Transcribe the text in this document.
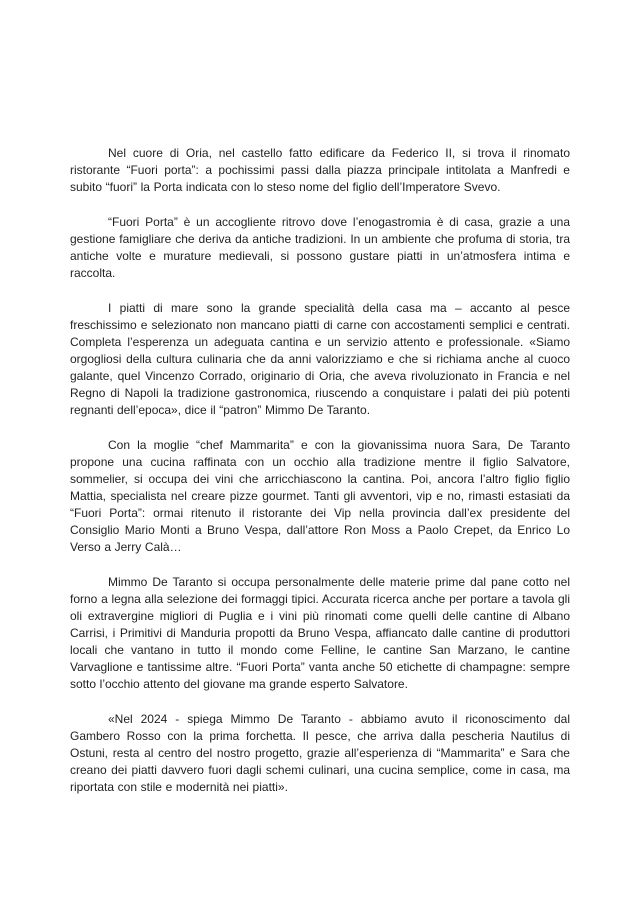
Nel cuore di Oria, nel castello fatto edificare da Federico II, si trova il rinomato ristorante “Fuori porta”: a pochissimi passi dalla piazza principale intitolata a Manfredi e subito “fuori” la Porta indicata con lo steso nome del figlio dell’Imperatore Svevo.

“Fuori Porta” è un accogliente ritrovo dove l’enogastromia è di casa, grazie a una gestione famigliare che deriva da antiche tradizioni. In un ambiente che profuma di storia, tra antiche volte e murature medievali, si possono gustare piatti in un’atmosfera intima e raccolta.

I piatti di mare sono la grande specialità della casa ma – accanto al pesce freschissimo e selezionato non mancano piatti di carne con accostamenti semplici e centrati. Completa l’esperenza un adeguata cantina e un servizio attento e professionale. «Siamo orgogliosi della cultura culinaria che da anni valorizziamo e che si richiama anche al cuoco galante, quel Vincenzo Corrado, originario di Oria, che aveva rivoluzionato in Francia e nel Regno di Napoli la tradizione gastronomica, riuscendo a conquistare i palati dei più potenti regnanti dell’epoca», dice il “patron” Mimmo De Taranto.

Con la moglie “chef Mammarita” e con la giovanissima nuora Sara, De Taranto propone una cucina raffinata con un occhio alla tradizione mentre il figlio Salvatore, sommelier, si occupa dei vini che arricchiascono la cantina. Poi, ancora l’altro figlio figlio Mattia, specialista nel creare pizze gourmet. Tanti gli avventori, vip e no, rimasti estasiati da “Fuori Porta”: ormai ritenuto il ristorante dei Vip nella provincia dall’ex presidente del Consiglio Mario Monti a Bruno Vespa, dall’attore Ron Moss a Paolo Crepet, da Enrico Lo Verso a Jerry Calà…

Mimmo De Taranto si occupa personalmente delle materie prime dal pane cotto nel forno a legna alla selezione dei formaggi tipici. Accurata ricerca anche per portare a tavola gli oli extravergine migliori di Puglia e i vini più rinomati come quelli delle cantine di Albano Carrisi, i Primitivi di Manduria propotti da Bruno Vespa, affiancato dalle cantine di produttori locali che vantano in tutto il mondo come Felline, le cantine San Marzano, le cantine Varvaglione e tantissime altre. “Fuori Porta” vanta anche 50 etichette di champagne: sempre sotto l’occhio attento del giovane ma grande esperto Salvatore.

«Nel 2024 - spiega Mimmo De Taranto - abbiamo avuto il riconoscimento dal Gambero Rosso con la prima forchetta. Il pesce, che arriva dalla pescheria Nautilus di Ostuni, resta al centro del nostro progetto, grazie all’esperienza di “Mammarita” e Sara che creano dei piatti davvero fuori dagli schemi culinari, una cucina semplice, come in casa, ma riportata con stile e modernità nei piatti».
